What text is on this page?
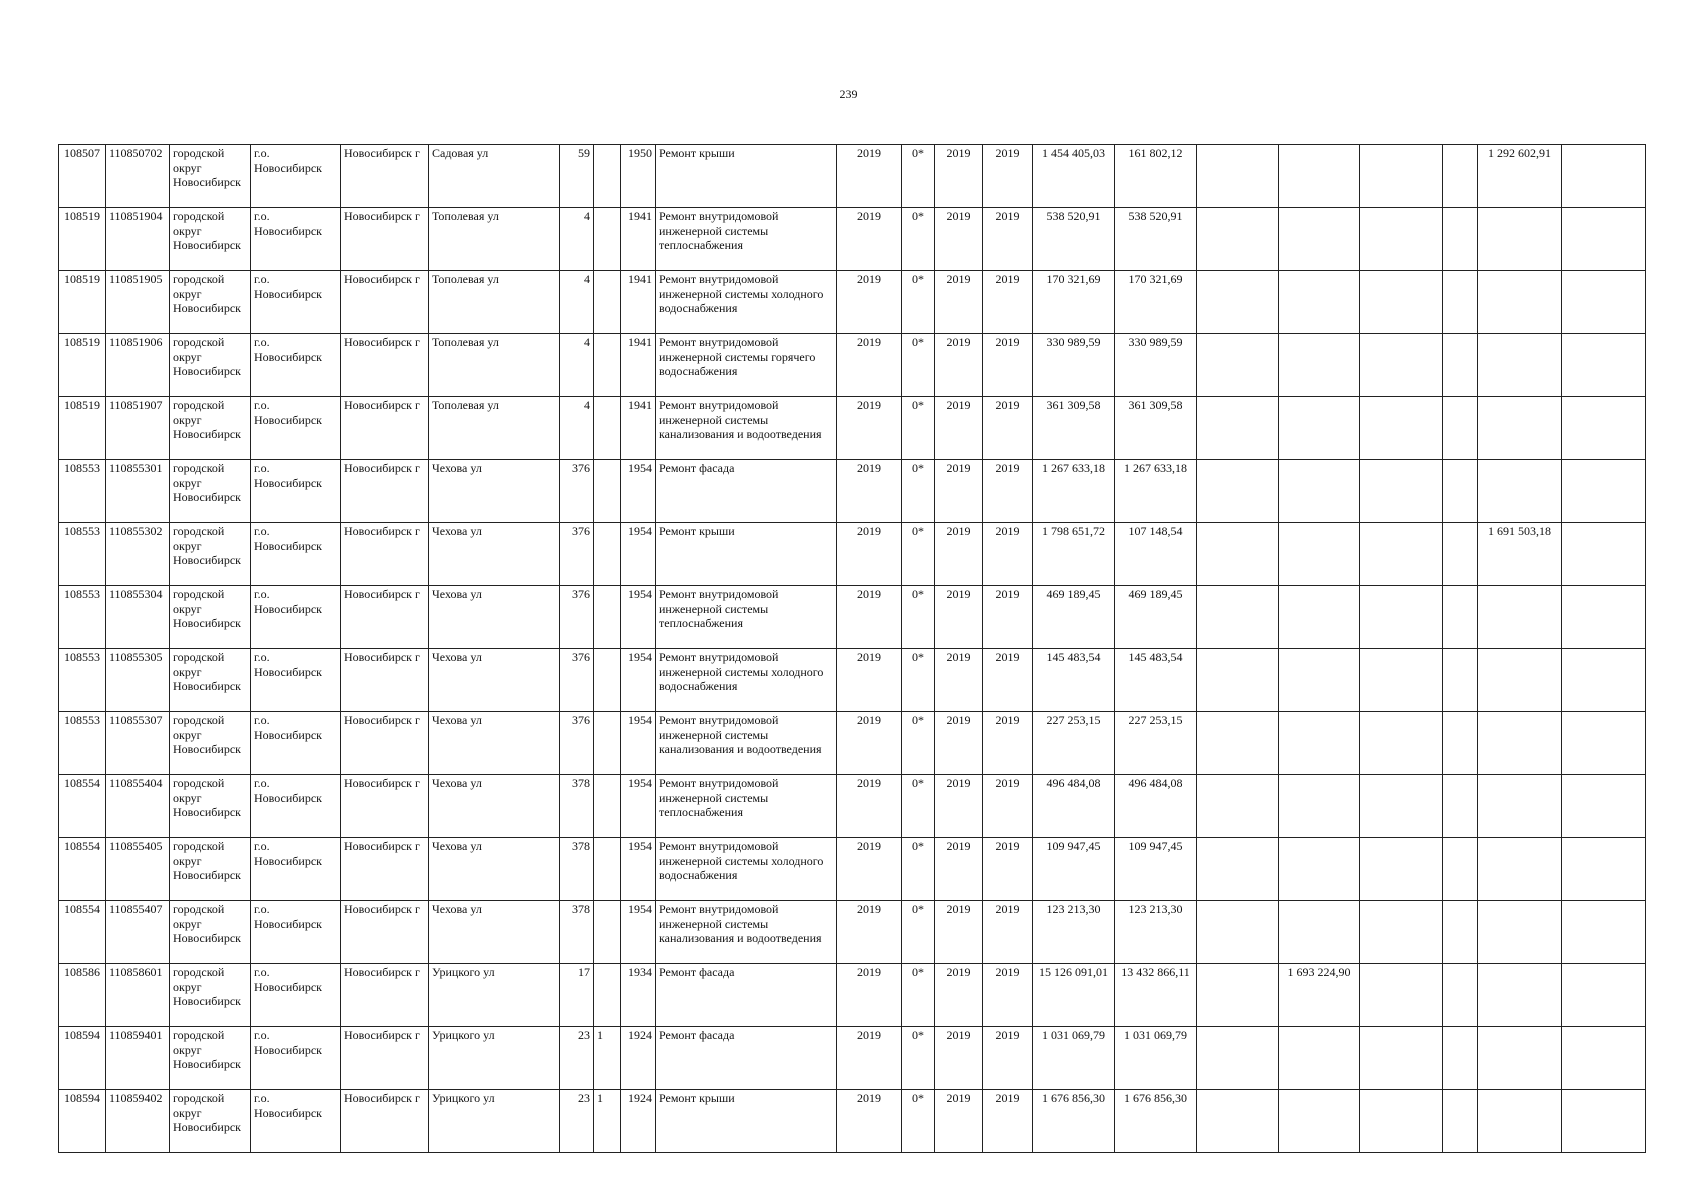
239
108507	110850702	городской округ Новосибирск	г.о. Новосибирск	Новосибирск г	Садовая ул	59		1950	Ремонт крыши	2019	0*	2019	2019	1 454 405,03	161 802,12					1 292 602,91	
108519	110851904	городской округ Новосибирск	г.о. Новосибирск	Новосибирск г	Тополевая ул	4		1941	Ремонт внутридомовой инженерной системы теплоснабжения	2019	0*	2019	2019	538 520,91	538 520,91						
108519	110851905	городской округ Новосибирск	г.о. Новосибирск	Новосибирск г	Тополевая ул	4		1941	Ремонт внутридомовой инженерной системы холодного водоснабжения	2019	0*	2019	2019	170 321,69	170 321,69						
108519	110851906	городской округ Новосибирск	г.о. Новосибирск	Новосибирск г	Тополевая ул	4		1941	Ремонт внутридомовой инженерной системы горячего водоснабжения	2019	0*	2019	2019	330 989,59	330 989,59						
108519	110851907	городской округ Новосибирск	г.о. Новосибирск	Новосибирск г	Тополевая ул	4		1941	Ремонт внутридомовой инженерной системы канализования и водоотведения	2019	0*	2019	2019	361 309,58	361 309,58						
108553	110855301	городской округ Новосибирск	г.о. Новосибирск	Новосибирск г	Чехова ул	376		1954	Ремонт фасада	2019	0*	2019	2019	1 267 633,18	1 267 633,18						
108553	110855302	городской округ Новосибирск	г.о. Новосибирск	Новосибирск г	Чехова ул	376		1954	Ремонт крыши	2019	0*	2019	2019	1 798 651,72	107 148,54					1 691 503,18	
108553	110855304	городской округ Новосибирск	г.о. Новосибирск	Новосибирск г	Чехова ул	376		1954	Ремонт внутридомовой инженерной системы теплоснабжения	2019	0*	2019	2019	469 189,45	469 189,45						
108553	110855305	городской округ Новосибирск	г.о. Новосибирск	Новосибирск г	Чехова ул	376		1954	Ремонт внутридомовой инженерной системы холодного водоснабжения	2019	0*	2019	2019	145 483,54	145 483,54						
108553	110855307	городской округ Новосибирск	г.о. Новосибирск	Новосибирск г	Чехова ул	376		1954	Ремонт внутридомовой инженерной системы канализования и водоотведения	2019	0*	2019	2019	227 253,15	227 253,15						
108554	110855404	городской округ Новосибирск	г.о. Новосибирск	Новосибирск г	Чехова ул	378		1954	Ремонт внутридомовой инженерной системы теплоснабжения	2019	0*	2019	2019	496 484,08	496 484,08						
108554	110855405	городской округ Новосибирск	г.о. Новосибирск	Новосибирск г	Чехова ул	378		1954	Ремонт внутридомовой инженерной системы холодного водоснабжения	2019	0*	2019	2019	109 947,45	109 947,45						
108554	110855407	городской округ Новосибирск	г.о. Новосибирск	Новосибирск г	Чехова ул	378		1954	Ремонт внутридомовой инженерной системы канализования и водоотведения	2019	0*	2019	2019	123 213,30	123 213,30						
108586	110858601	городской округ Новосибирск	г.о. Новосибирск	Новосибирск г	Урицкого ул	17		1934	Ремонт фасада	2019	0*	2019	2019	15 126 091,01	13 432 866,11		1 693 224,90				
108594	110859401	городской округ Новосибирск	г.о. Новосибирск	Новосибирск г	Урицкого ул	23	1	1924	Ремонт фасада	2019	0*	2019	2019	1 031 069,79	1 031 069,79						
108594	110859402	городской округ Новосибирск	г.о. Новосибирск	Новосибирск г	Урицкого ул	23	1	1924	Ремонт крыши	2019	0*	2019	2019	1 676 856,30	1 676 856,30						
